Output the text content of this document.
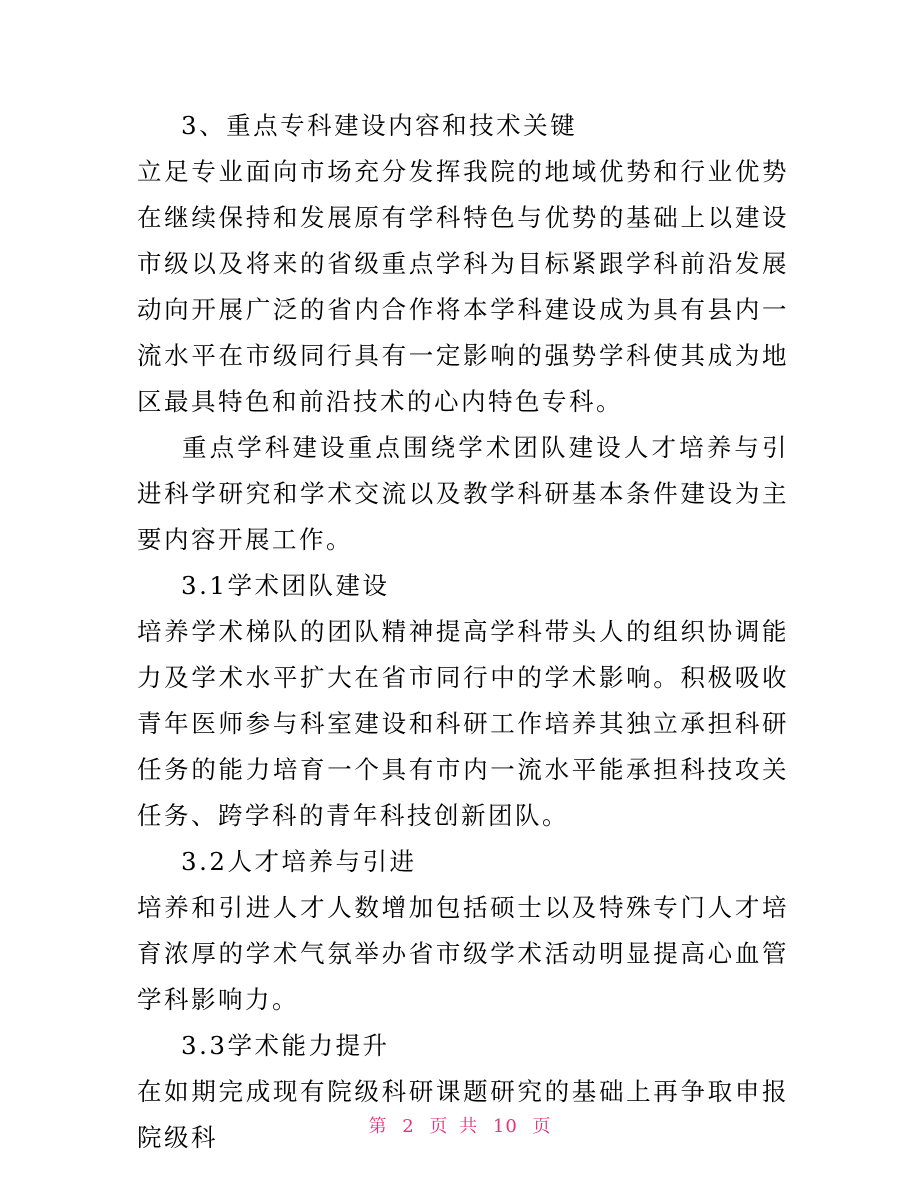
3、重点专科建设内容和技术关键

立足专业面向市场充分发挥我院的地域优势和行业优势在继续保持和发展原有学科特色与优势的基础上以建设市级以及将来的省级重点学科为目标紧跟学科前沿发展动向开展广泛的省内合作将本学科建设成为具有县内一流水平在市级同行具有一定影响的强势学科使其成为地区最具特色和前沿技术的心内特色专科。

重点学科建设重点围绕学术团队建设人才培养与引进科学研究和学术交流以及教学科研基本条件建设为主要内容开展工作。

3.1学术团队建设

培养学术梯队的团队精神提高学科带头人的组织协调能力及学术水平扩大在省市同行中的学术影响。积极吸收青年医师参与科室建设和科研工作培养其独立承担科研任务的能力培育一个具有市内一流水平能承担科技攻关任务、跨学科的青年科技创新团队。

3.2人才培养与引进

培养和引进人才人数增加包括硕士以及特殊专门人才培育浓厚的学术气氛举办省市级学术活动明显提高心血管学科影响力。

3.3学术能力提升

在如期完成现有院级科研课题研究的基础上再争取申报院级科	第 2 页 共 10 页
